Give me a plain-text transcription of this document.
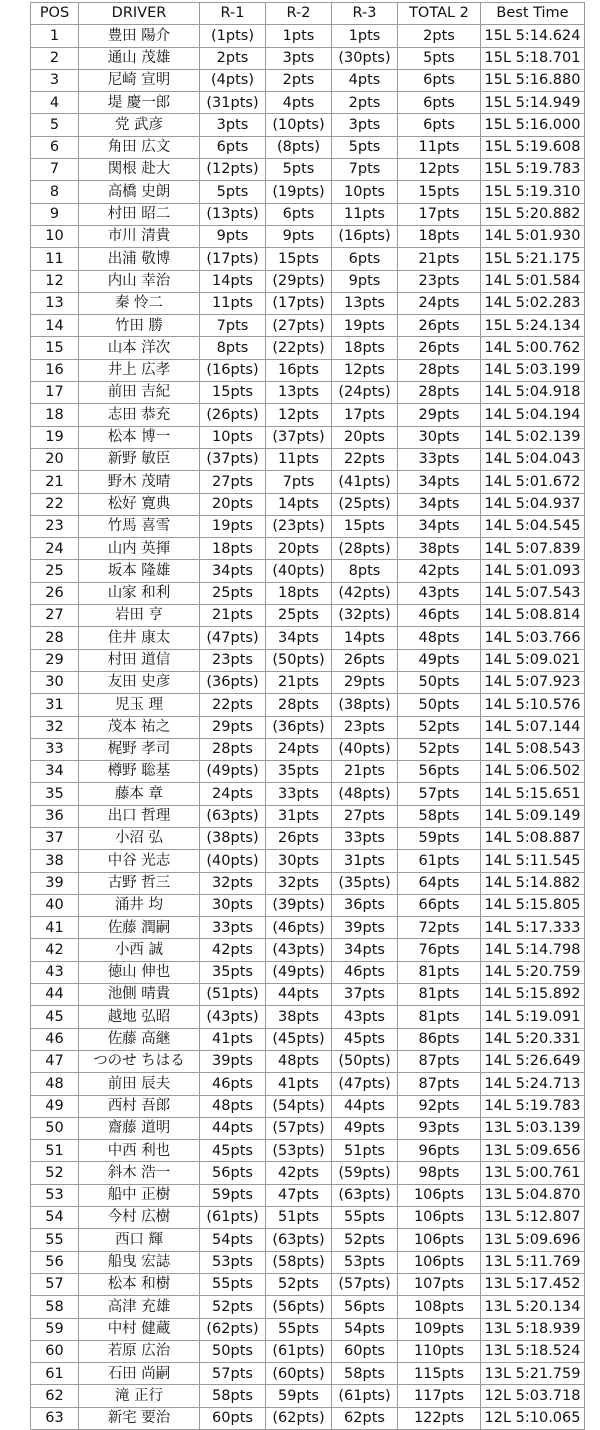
POS	DRIVER	R-1	R-2	R-3	TOTAL 2	Best Time
1	豊田 陽介	(1pts)	1pts	1pts	2pts	15L 5:14.624
2	通山 茂雄	2pts	3pts	(30pts)	5pts	15L 5:18.701
3	尼崎 宣明	(4pts)	2pts	4pts	6pts	15L 5:16.880
4	堤 慶一郎	(31pts)	4pts	2pts	6pts	15L 5:14.949
5	党 武彦	3pts	(10pts)	3pts	6pts	15L 5:16.000
6	角田 広文	6pts	(8pts)	5pts	11pts	15L 5:19.608
7	関根 赴大	(12pts)	5pts	7pts	12pts	15L 5:19.783
8	高橋 史朗	5pts	(19pts)	10pts	15pts	15L 5:19.310
9	村田 昭二	(13pts)	6pts	11pts	17pts	15L 5:20.882
10	市川 清貴	9pts	9pts	(16pts)	18pts	14L 5:01.930
11	出浦 敬博	(17pts)	15pts	6pts	21pts	15L 5:21.175
12	内山 幸治	14pts	(29pts)	9pts	23pts	14L 5:01.584
13	秦 怜二	11pts	(17pts)	13pts	24pts	14L 5:02.283
14	竹田 勝	7pts	(27pts)	19pts	26pts	15L 5:24.134
15	山本 洋次	8pts	(22pts)	18pts	26pts	14L 5:00.762
16	井上 広孝	(16pts)	16pts	12pts	28pts	14L 5:03.199
17	前田 吉紀	15pts	13pts	(24pts)	28pts	14L 5:04.918
18	志田 恭充	(26pts)	12pts	17pts	29pts	14L 5:04.194
19	松本 博一	10pts	(37pts)	20pts	30pts	14L 5:02.139
20	新野 敏臣	(37pts)	11pts	22pts	33pts	14L 5:04.043
21	野木 茂晴	27pts	7pts	(41pts)	34pts	14L 5:01.672
22	松好 寛典	20pts	14pts	(25pts)	34pts	14L 5:04.937
23	竹馬 喜雪	19pts	(23pts)	15pts	34pts	14L 5:04.545
24	山内 英揮	18pts	20pts	(28pts)	38pts	14L 5:07.839
25	坂本 隆雄	34pts	(40pts)	8pts	42pts	14L 5:01.093
26	山家 和利	25pts	18pts	(42pts)	43pts	14L 5:07.543
27	岩田 亨	21pts	25pts	(32pts)	46pts	14L 5:08.814
28	住井 康太	(47pts)	34pts	14pts	48pts	14L 5:03.766
29	村田 道信	23pts	(50pts)	26pts	49pts	14L 5:09.021
30	友田 史彦	(36pts)	21pts	29pts	50pts	14L 5:07.923
31	児玉 理	22pts	28pts	(38pts)	50pts	14L 5:10.576
32	茂本 祐之	29pts	(36pts)	23pts	52pts	14L 5:07.144
33	梶野 孝司	28pts	24pts	(40pts)	52pts	14L 5:08.543
34	樽野 聡基	(49pts)	35pts	21pts	56pts	14L 5:06.502
35	藤本 章	24pts	33pts	(48pts)	57pts	14L 5:15.651
36	出口 哲理	(63pts)	31pts	27pts	58pts	14L 5:09.149
37	小沼 弘	(38pts)	26pts	33pts	59pts	14L 5:08.887
38	中谷 光志	(40pts)	30pts	31pts	61pts	14L 5:11.545
39	古野 哲三	32pts	32pts	(35pts)	64pts	14L 5:14.882
40	涌井 均	30pts	(39pts)	36pts	66pts	14L 5:15.805
41	佐藤 潤嗣	33pts	(46pts)	39pts	72pts	14L 5:17.333
42	小西 誠	42pts	(43pts)	34pts	76pts	14L 5:14.798
43	徳山 伸也	35pts	(49pts)	46pts	81pts	14L 5:20.759
44	池側 晴貴	(51pts)	44pts	37pts	81pts	14L 5:15.892
45	越地 弘昭	(43pts)	38pts	43pts	81pts	14L 5:19.091
46	佐藤 高継	41pts	(45pts)	45pts	86pts	14L 5:20.331
47	つのせ ちはる	39pts	48pts	(50pts)	87pts	14L 5:26.649
48	前田 辰夫	46pts	41pts	(47pts)	87pts	14L 5:24.713
49	西村 吾郎	48pts	(54pts)	44pts	92pts	14L 5:19.783
50	齋藤 道明	44pts	(57pts)	49pts	93pts	13L 5:03.139
51	中西 利也	45pts	(53pts)	51pts	96pts	13L 5:09.656
52	斜木 浩一	56pts	42pts	(59pts)	98pts	13L 5:00.761
53	船中 正樹	59pts	47pts	(63pts)	106pts	13L 5:04.870
54	今村 広樹	(61pts)	51pts	55pts	106pts	13L 5:12.807
55	西口 輝	54pts	(63pts)	52pts	106pts	13L 5:09.696
56	船曳 宏誌	53pts	(58pts)	53pts	106pts	13L 5:11.769
57	松本 和樹	55pts	52pts	(57pts)	107pts	13L 5:17.452
58	高津 充雄	52pts	(56pts)	56pts	108pts	13L 5:20.134
59	中村 健蔵	(62pts)	55pts	54pts	109pts	13L 5:18.939
60	若原 広治	50pts	(61pts)	60pts	110pts	13L 5:18.524
61	石田 尚嗣	57pts	(60pts)	58pts	115pts	13L 5:21.759
62	滝 正行	58pts	59pts	(61pts)	117pts	12L 5:03.718
63	新宅 要治	60pts	(62pts)	62pts	122pts	12L 5:10.065
